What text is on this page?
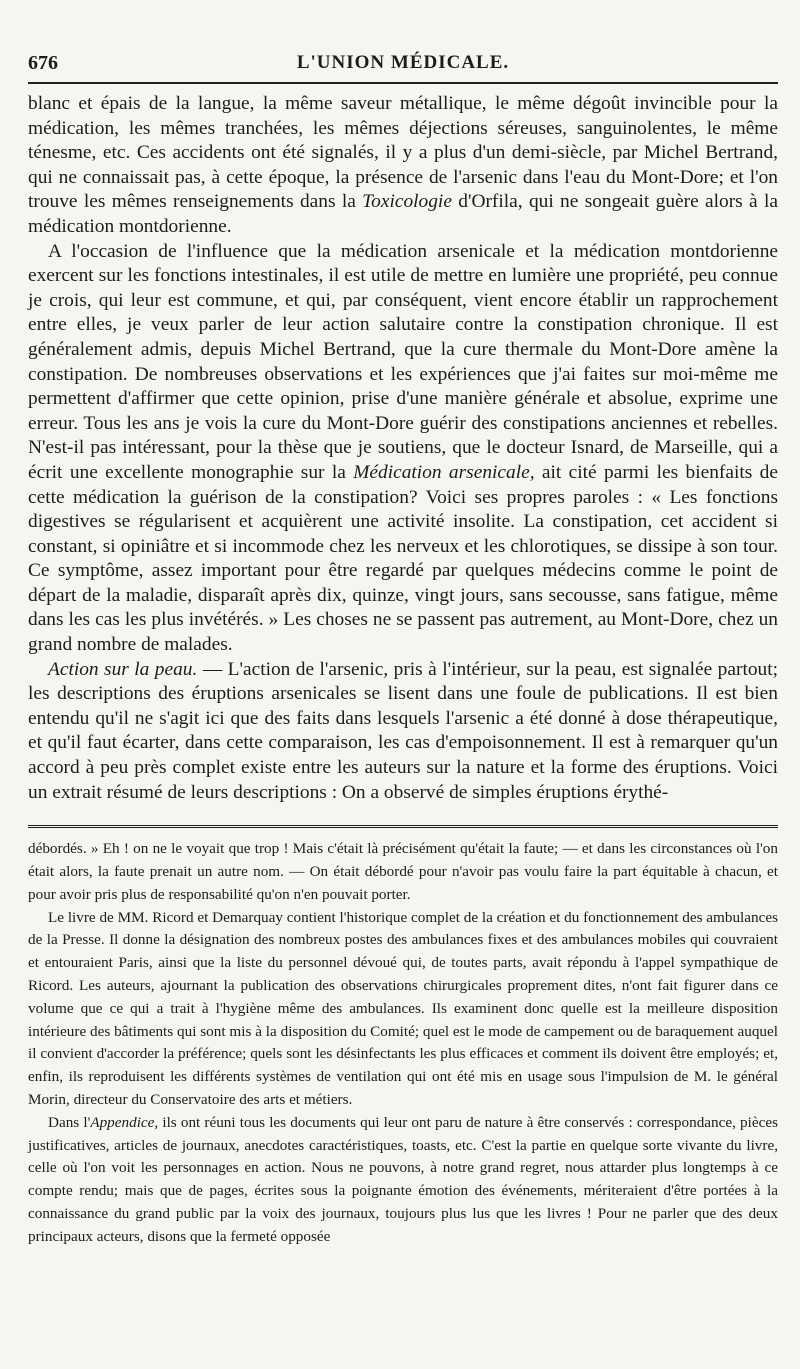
676	L'UNION MÉDICALE.

blanc et épais de la langue, la même saveur métallique, le même dégoût invincible pour la médication, les mêmes tranchées, les mêmes déjections séreuses, sanguinolentes, le même ténesme, etc. Ces accidents ont été signalés, il y a plus d'un demi-siècle, par Michel Bertrand, qui ne connaissait pas, à cette époque, la présence de l'arsenic dans l'eau du Mont-Dore; et l'on trouve les mêmes renseignements dans la Toxicologie d'Orfila, qui ne songeait guère alors à la médication montdorienne.

A l'occasion de l'influence que la médication arsenicale et la médication montdorienne exercent sur les fonctions intestinales, il est utile de mettre en lumière une propriété, peu connue je crois, qui leur est commune, et qui, par conséquent, vient encore établir un rapprochement entre elles, je veux parler de leur action salutaire contre la constipation chronique. Il est généralement admis, depuis Michel Bertrand, que la cure thermale du Mont-Dore amène la constipation. De nombreuses observations et les expériences que j'ai faites sur moi-même me permettent d'affirmer que cette opinion, prise d'une manière générale et absolue, exprime une erreur. Tous les ans je vois la cure du Mont-Dore guérir des constipations anciennes et rebelles. N'est-il pas intéressant, pour la thèse que je soutiens, que le docteur Isnard, de Marseille, qui a écrit une excellente monographie sur la Médication arsenicale, ait cité parmi les bienfaits de cette médication la guérison de la constipation? Voici ses propres paroles : « Les fonctions digestives se régularisent et acquièrent une activité insolite. La constipation, cet accident si constant, si opiniâtre et si incommode chez les nerveux et les chlorotiques, se dissipe à son tour. Ce symptôme, assez important pour être regardé par quelques médecins comme le point de départ de la maladie, disparaît après dix, quinze, vingt jours, sans secousse, sans fatigue, même dans les cas les plus invétérés. » Les choses ne se passent pas autrement, au Mont-Dore, chez un grand nombre de malades.

Action sur la peau. — L'action de l'arsenic, pris à l'intérieur, sur la peau, est signalée partout; les descriptions des éruptions arsenicales se lisent dans une foule de publications. Il est bien entendu qu'il ne s'agit ici que des faits dans lesquels l'arsenic a été donné à dose thérapeutique, et qu'il faut écarter, dans cette comparaison, les cas d'empoisonnement. Il est à remarquer qu'un accord à peu près complet existe entre les auteurs sur la nature et la forme des éruptions. Voici un extrait résumé de leurs descriptions : On a observé de simples éruptions érythé-

débordés. » Eh ! on ne le voyait que trop ! Mais c'était là précisément qu'était la faute; — et dans les circonstances où l'on était alors, la faute prenait un autre nom. — On était débordé pour n'avoir pas voulu faire la part équitable à chacun, et pour avoir pris plus de responsabilité qu'on n'en pouvait porter.

Le livre de MM. Ricord et Demarquay contient l'historique complet de la création et du fonctionnement des ambulances de la Presse. Il donne la désignation des nombreux postes des ambulances fixes et des ambulances mobiles qui couvraient et entouraient Paris, ainsi que la liste du personnel dévoué qui, de toutes parts, avait répondu à l'appel sympathique de Ricord. Les auteurs, ajournant la publication des observations chirurgicales proprement dites, n'ont fait figurer dans ce volume que ce qui a trait à l'hygiène même des ambulances. Ils examinent donc quelle est la meilleure disposition intérieure des bâtiments qui sont mis à la disposition du Comité; quel est le mode de campement ou de baraquement auquel il convient d'accorder la préférence; quels sont les désinfectants les plus efficaces et comment ils doivent être employés; et, enfin, ils reproduisent les différents systèmes de ventilation qui ont été mis en usage sous l'impulsion de M. le général Morin, directeur du Conservatoire des arts et métiers.

Dans l'Appendice, ils ont réuni tous les documents qui leur ont paru de nature à être conservés : correspondance, pièces justificatives, articles de journaux, anecdotes caractéristiques, toasts, etc. C'est la partie en quelque sorte vivante du livre, celle où l'on voit les personnages en action. Nous ne pouvons, à notre grand regret, nous attarder plus longtemps à ce compte rendu; mais que de pages, écrites sous la poignante émotion des événements, mériteraient d'être portées à la connaissance du grand public par la voix des journaux, toujours plus lus que les livres ! Pour ne parler que des deux principaux acteurs, disons que la fermeté opposée
